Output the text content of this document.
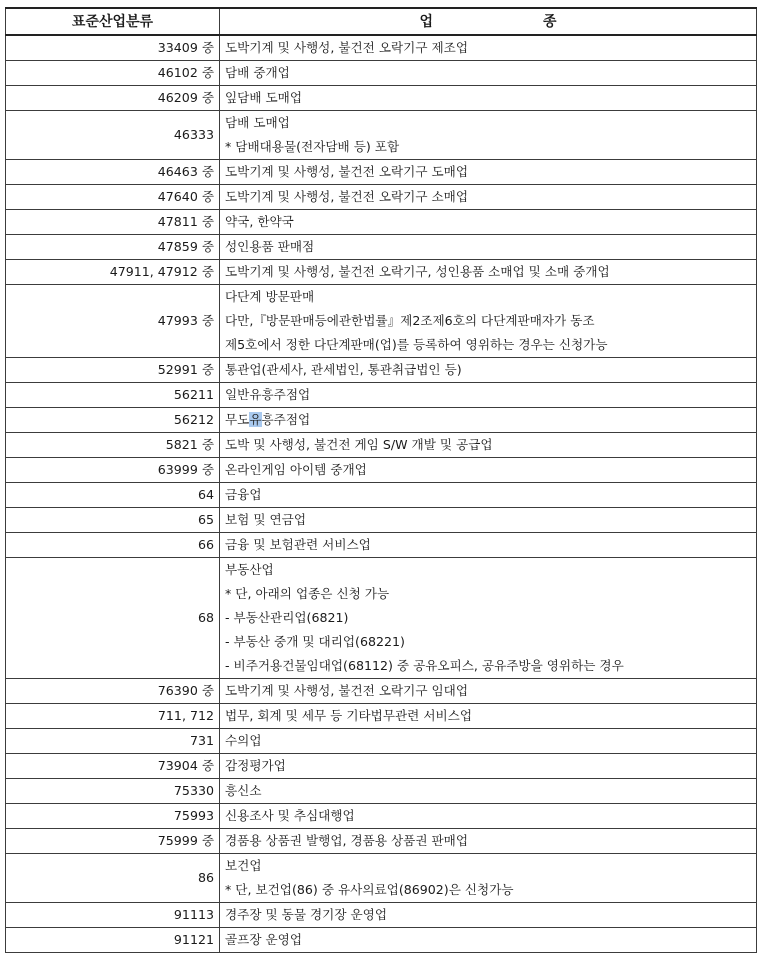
표준산업분류	업 종
33409 중	도박기계 및 사행성, 불건전 오락기구 제조업

46102 중	담배 중개업

46209 중	잎담배 도매업

46333	담배 도매업
* 담배대용물(전자담배 등) 포함

46463 중	도박기계 및 사행성, 불건전 오락기구 도매업

47640 중	도박기계 및 사행성, 불건전 오락기구 소매업

47811 중	약국, 한약국

47859 중	성인용품 판매점

47911, 47912 중	도박기계 및 사행성, 불건전 오락기구, 성인용품 소매업 및 소매 중개업

47993 중	다단계 방문판매
다만,『방문판매등에관한법률』제2조제6호의 다단계판매자가 동조
제5호에서 정한 다단계판매(업)를 등록하여 영위하는 경우는 신청가능

52991 중	통관업(관세사, 관세법인, 통관취급법인 등)

56211	일반유흥주점업

56212	무도유흥주점업

5821 중	도박 및 사행성, 불건전 게임 S/W 개발 및 공급업

63999 중	온라인게임 아이템 중개업

64	금융업

65	보험 및 연금업

66	금융 및 보험관련 서비스업

68	부동산업
* 단, 아래의 업종은 신청 가능
- 부동산관리업(6821)
- 부동산 중개 및 대리업(68221)
- 비주거용건물임대업(68112) 중 공유오피스, 공유주방을 영위하는 경우

76390 중	도박기계 및 사행성, 불건전 오락기구 임대업

711, 712	법무, 회계 및 세무 등 기타법무관련 서비스업

731	수의업

73904 중	감정평가업

75330	흥신소

75993	신용조사 및 추심대행업

75999 중	경품용 상품권 발행업, 경품용 상품권 판매업

86	보건업
* 단, 보건업(86) 중 유사의료업(86902)은 신청가능

91113	경주장 및 동물 경기장 운영업

91121	골프장 운영업
